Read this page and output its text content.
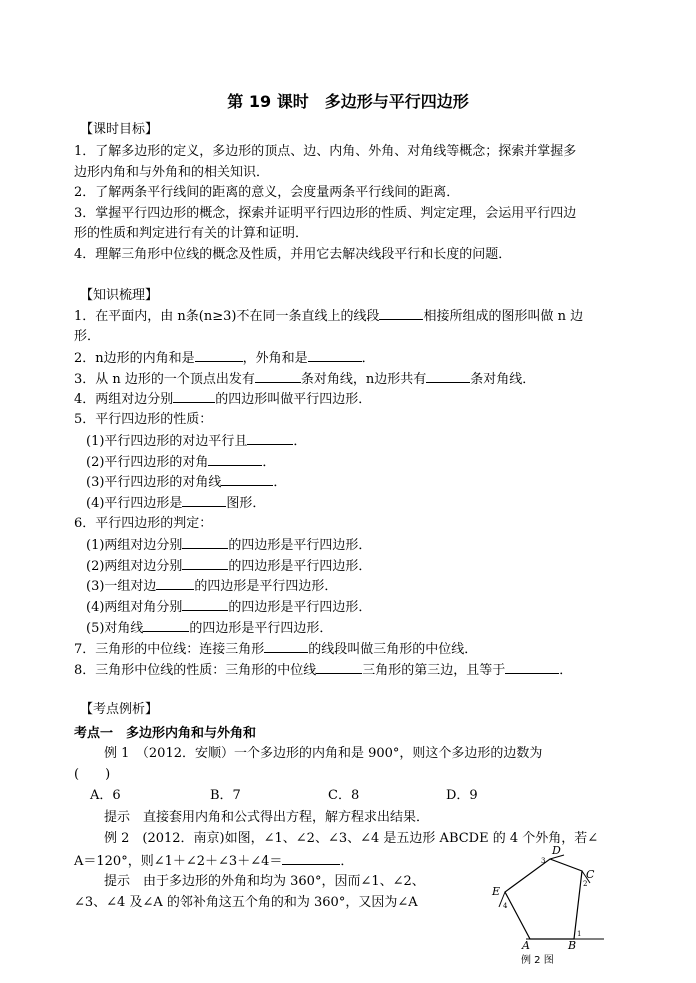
第 19 课时　多边形与平行四边形
【课时目标】
1．了解多边形的定义，多边形的顶点、边、内角、外角、对角线等概念；探索并掌握多
边形内角和与外角和的相关知识．
2．了解两条平行线间的距离的意义，会度量两条平行线间的距离．
3．掌握平行四边形的概念，探索并证明平行四边形的性质、判定定理，会运用平行四边
形的性质和判定进行有关的计算和证明．
4．理解三角形中位线的概念及性质，并用它去解决线段平行和长度的问题．
【知识梳理】
1．在平面内，由 n条(n≥3)不在同一条直线上的线段	相接所组成的图形叫做 n 边
形．
2．n边形的内角和是	，外角和是	．
3．从 n 边形的一个顶点出发有	条对角线，n边形共有	条对角线．
4．两组对边分别	的四边形叫做平行四边形．
5．平行四边形的性质：
(1)平行四边形的对边平行且	．
(2)平行四边形的对角	．
(3)平行四边形的对角线	．
(4)平行四边形是	图形．
6．平行四边形的判定：
(1)两组对边分别	的四边形是平行四边形．
(2)两组对边分别	的四边形是平行四边形．
(3)一组对边	的四边形是平行四边形．
(4)两组对角分别	的四边形是平行四边形．
(5)对角线	的四边形是平行四边形．
7．三角形的中位线：连接三角形	的线段叫做三角形的中位线．
8．三角形中位线的性质：三角形的中位线	三角形的第三边，且等于	．
【考点例析】
考点一　多边形内角和与外角和
例 1　（2012．安顺）一个多边形的内角和是 900°，则这个多边形的边数为
(　　)
A．6	B．7	C．8	D．9
提示　直接套用内角和公式得出方程，解方程求出结果．
例 2　(2012．南京)如图，∠1、∠2、∠3、∠4 是五边形 ABCDE 的 4 个外角，若∠
A＝120°，则∠1＋∠2＋∠3＋∠4＝	．
提示　由于多边形的外角和均为 360°，因而∠1、∠2、
∠3、∠4 及∠A 的邻补角这五个角的和为 360°，又因为∠A
D
C
E
A	B
3
2
4
1
例 2 图
